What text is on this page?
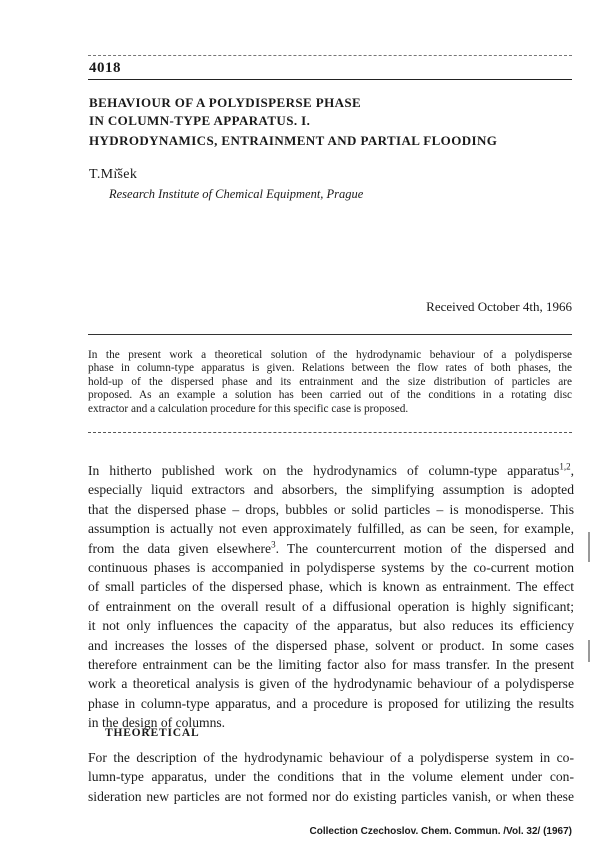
4018
BEHAVIOUR OF A POLYDISPERSE PHASE
IN COLUMN-TYPE APPARATUS. I.
HYDRODYNAMICS, ENTRAINMENT AND PARTIAL FLOODING
T.Mı̌šek
Research Institute of Chemical Equipment, Prague
Received October 4th, 1966
In the present work a theoretical solution of the hydrodynamic behaviour of a polydisperse
phase in column-type apparatus is given. Relations between the flow rates of both phases, the
hold-up of the dispersed phase and its entrainment and the size distribution of particles are
proposed. As an example a solution has been carried out of the conditions in a rotating disc
extractor and a calculation procedure for this specific case is proposed.
In hitherto published work on the hydrodynamics of column-type apparatus$^{1,2}$,
especially liquid extractors and absorbers, the simplifying assumption is adopted
that the dispersed phase – drops, bubbles or solid particles – is monodisperse. This
assumption is actually not even approximately fulfilled, as can be seen, for example,
from the data given elsewhere$^3$. The countercurrent motion of the dispersed and
continuous phases is accompanied in polydisperse systems by the co-current motion
of small particles of the dispersed phase, which is known as entrainment. The effect
of entrainment on the overall result of a diffusional operation is highly significant;
it not only influences the capacity of the apparatus, but also reduces its efficiency
and increases the losses of the dispersed phase, solvent or product. In some cases
therefore entrainment can be the limiting factor also for mass transfer. In the present
work a theoretical analysis is given of the hydrodynamic behaviour of a polydisperse
phase in column-type apparatus, and a procedure is proposed for utilizing the results
in the design of columns.
THEORETICAL
For the description of the hydrodynamic behaviour of a polydisperse system in co-
lumn-type apparatus, under the conditions that in the volume element under con-
sideration new particles are not formed nor do existing particles vanish, or when these
Collection Czechoslov. Chem. Commun. /Vol. 32/ (1967)
